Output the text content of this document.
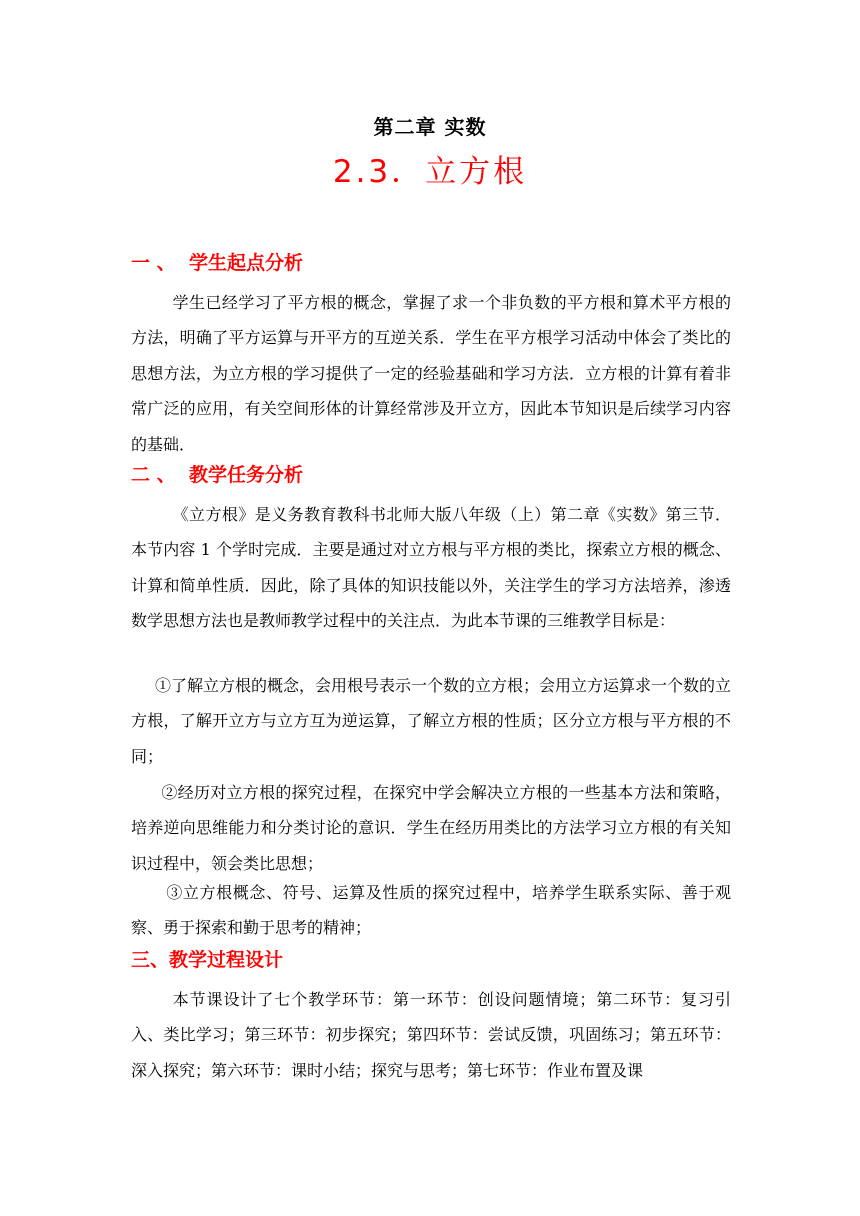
第二章 实数
2.3．立方根
一 、 学生起点分析

学生已经学习了平方根的概念，掌握了求一个非负数的平方根和算术平方根的方法，明确了平方运算与开平方的互逆关系．学生在平方根学习活动中体会了类比的思想方法，为立方根的学习提供了一定的经验基础和学习方法．立方根的计算有着非常广泛的应用，有关空间形体的计算经常涉及开立方，因此本节知识是后续学习内容的基础．

二 、 教学任务分析

《立方根》是义务教育教科书北师大版八年级（上）第二章《实数》第三节．本节内容 1 个学时完成．主要是通过对立方根与平方根的类比，探索立方根的概念、计算和简单性质．因此，除了具体的知识技能以外，关注学生的学习方法培养，渗透数学思想方法也是教师教学过程中的关注点．为此本节课的三维教学目标是：

①了解立方根的概念，会用根号表示一个数的立方根；会用立方运算求一个数的立方根，了解开立方与立方互为逆运算，了解立方根的性质；区分立方根与平方根的不同；

②经历对立方根的探究过程，在探究中学会解决立方根的一些基本方法和策略，培养逆向思维能力和分类讨论的意识．学生在经历用类比的方法学习立方根的有关知识过程中，领会类比思想；

③立方根概念、符号、运算及性质的探究过程中，培养学生联系实际、善于观察、勇于探索和勤于思考的精神；

三、教学过程设计

本节课设计了七个教学环节：第一环节：创设问题情境；第二环节：复习引入、类比学习；第三环节：初步探究；第四环节：尝试反馈，巩固练习；第五环节：深入探究；第六环节：课时小结；探究与思考；第七环节：作业布置及课
